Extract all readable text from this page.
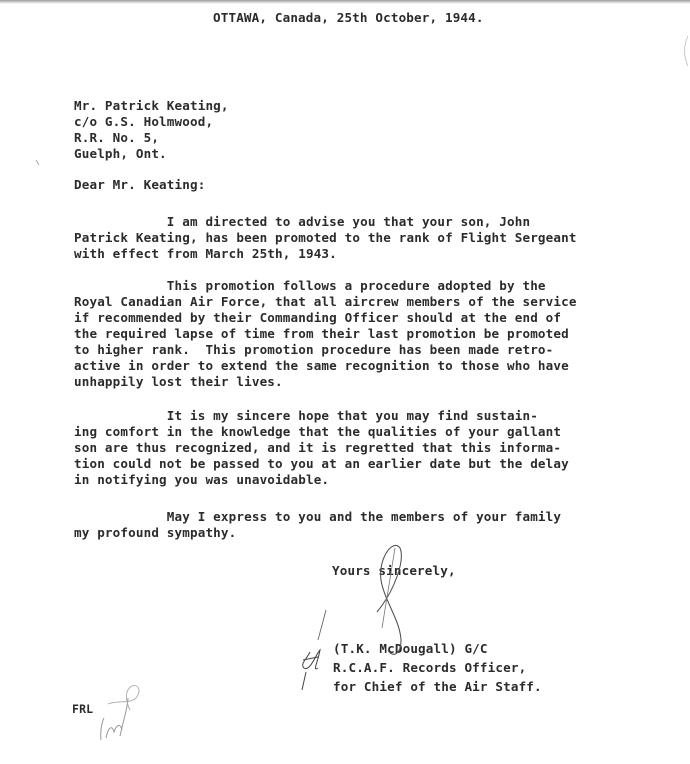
OTTAWA, Canada, 25th October, 1944.
Mr. Patrick Keating,
c/o G.S. Holmwood,
R.R. No. 5,
Guelph, Ont.
Dear Mr. Keating:
I am directed to advise you that your son, John
Patrick Keating, has been promoted to the rank of Flight Sergeant
with effect from March 25th, 1943.
This promotion follows a procedure adopted by the
Royal Canadian Air Force, that all aircrew members of the service
if recommended by their Commanding Officer should at the end of
the required lapse of time from their last promotion be promoted
to higher rank.  This promotion procedure has been made retro-
active in order to extend the same recognition to those who have
unhappily lost their lives.
It is my sincere hope that you may find sustain-
ing comfort in the knowledge that the qualities of your gallant
son are thus recognized, and it is regretted that this informa-
tion could not be passed to you at an earlier date but the delay
in notifying you was unavoidable.
May I express to you and the members of your family
my profound sympathy.
Yours sincerely,
(T.K. McDougall) G/C
R.C.A.F. Records Officer,
for Chief of the Air Staff.
FRL
